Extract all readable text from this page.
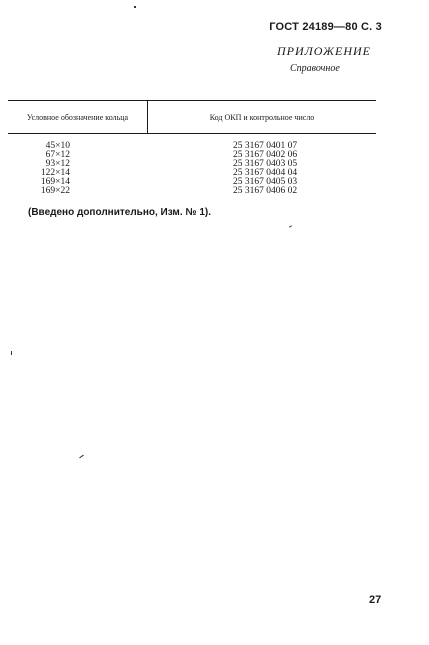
ГОСТ 24189—80 С. 3
ПРИЛОЖЕНИЕ
Справочное
Условное обозначение кольца	Код ОКП и контрольное число
45×10	25 3167 0401 07
67×12	25 3167 0402 06
93×12	25 3167 0403 05
122×14	25 3167 0404 04
169×14	25 3167 0405 03
169×22	25 3167 0406 02
(Введено дополнительно, Изм. № 1).
27
